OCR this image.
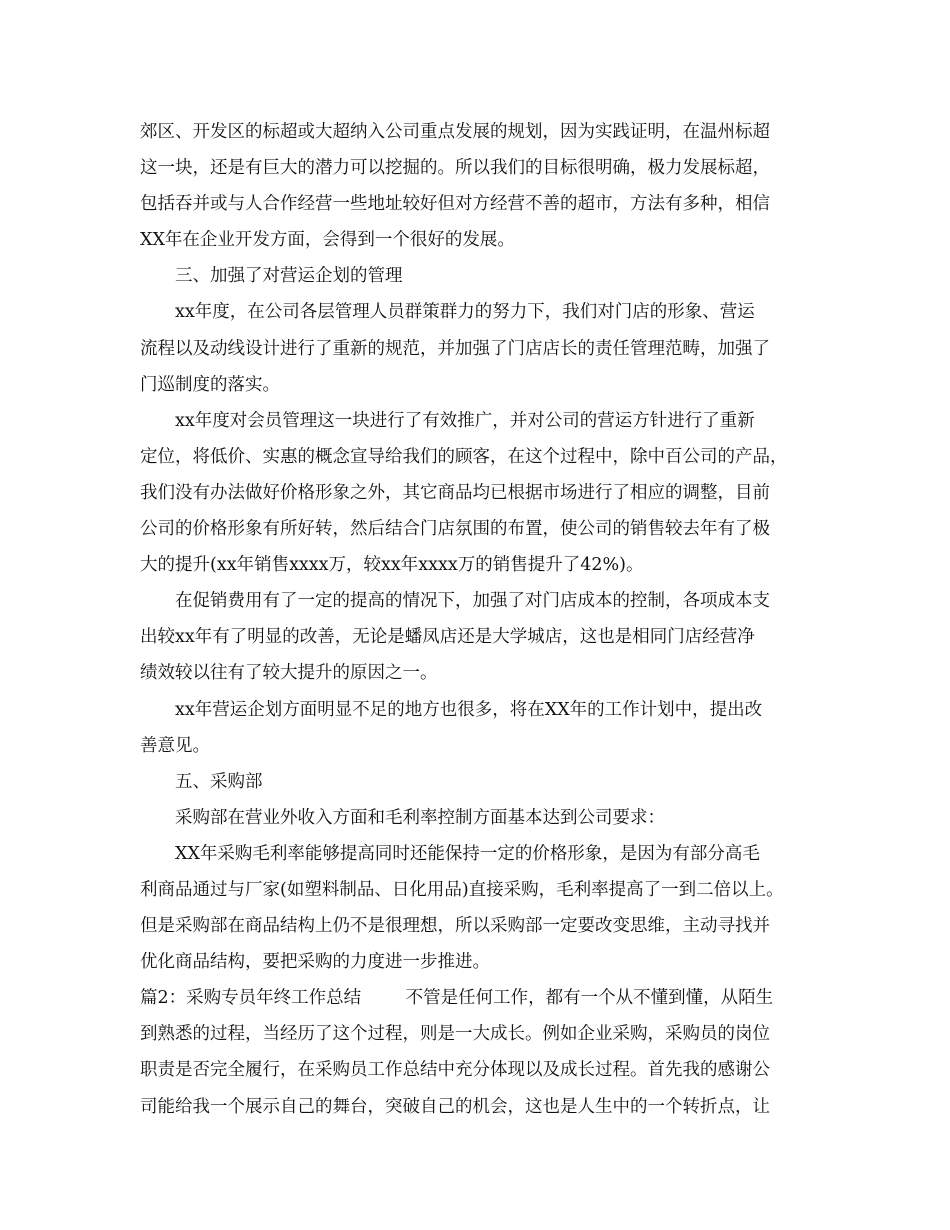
郊区、开发区的标超或大超纳入公司重点发展的规划，因为实践证明，在温州标超
这一块，还是有巨大的潜力可以挖掘的。所以我们的目标很明确，极力发展标超，
包括吞并或与人合作经营一些地址较好但对方经营不善的超市，方法有多种，相信
XX年在企业开发方面，会得到一个很好的发展。
三、加强了对营运企划的管理
xx年度，在公司各层管理人员群策群力的努力下，我们对门店的形象、营运
流程以及动线设计进行了重新的规范，并加强了门店店长的责任管理范畴，加强了
门巡制度的落实。
xx年度对会员管理这一块进行了有效推广，并对公司的营运方针进行了重新
定位，将低价、实惠的概念宣导给我们的顾客，在这个过程中，除中百公司的产品，
我们没有办法做好价格形象之外，其它商品均已根据市场进行了相应的调整，目前
公司的价格形象有所好转，然后结合门店氛围的布置，使公司的销售较去年有了极
大的提升(xx年销售xxxx万，较xx年xxxx万的销售提升了42%)。
在促销费用有了一定的提高的情况下，加强了对门店成本的控制，各项成本支
出较xx年有了明显的改善，无论是蟠凤店还是大学城店，这也是相同门店经营净
绩效较以往有了较大提升的原因之一。
xx年营运企划方面明显不足的地方也很多，将在XX年的工作计划中，提出改
善意见。
五、采购部
采购部在营业外收入方面和毛利率控制方面基本达到公司要求：
XX年采购毛利率能够提高同时还能保持一定的价格形象，是因为有部分高毛
利商品通过与厂家(如塑料制品、日化用品)直接采购，毛利率提高了一到二倍以上。
但是采购部在商品结构上仍不是很理想，所以采购部一定要改变思维，主动寻找并
优化商品结构，要把采购的力度进一步推进。
篇2：采购专员年终工作总结        不管是任何工作，都有一个从不懂到懂，从陌生
到熟悉的过程，当经历了这个过程，则是一大成长。例如企业采购，采购员的岗位
职责是否完全履行，在采购员工作总结中充分体现以及成长过程。首先我的感谢公
司能给我一个展示自己的舞台，突破自己的机会，这也是人生中的一个转折点，让
